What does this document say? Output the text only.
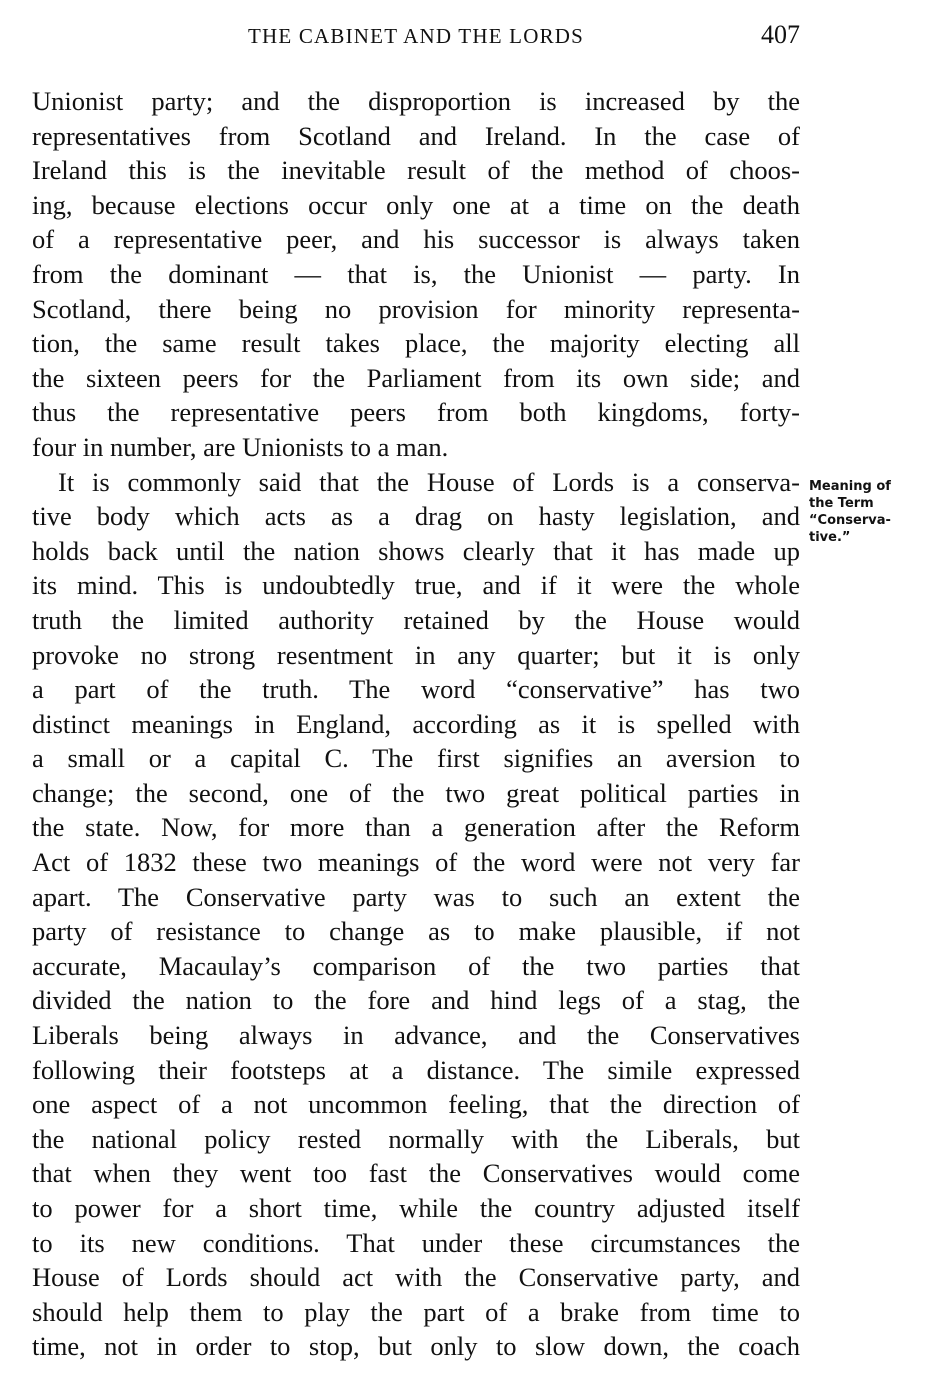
THE CABINET AND THE LORDS	407
Unionist party; and the disproportion is increased by the
representatives from Scotland and Ireland. In the case of
Ireland this is the inevitable result of the method of choos-
ing, because elections occur only one at a time on the death
of a representative peer, and his successor is always taken
from the dominant — that is, the Unionist — party. In
Scotland, there being no provision for minority representa-
tion, the same result takes place, the majority electing all
the sixteen peers for the Parliament from its own side; and
thus the representative peers from both kingdoms, forty-
four in number, are Unionists to a man.
It is commonly said that the House of Lords is a conserva-
tive body which acts as a drag on hasty legislation, and
holds back until the nation shows clearly that it has made up
its mind. This is undoubtedly true, and if it were the whole
truth the limited authority retained by the House would
provoke no strong resentment in any quarter; but it is only
a part of the truth. The word “conservative” has two
distinct meanings in England, according as it is spelled with
a small or a capital C. The first signifies an aversion to
change; the second, one of the two great political parties in
the state. Now, for more than a generation after the Reform
Act of 1832 these two meanings of the word were not very far
apart. The Conservative party was to such an extent the
party of resistance to change as to make plausible, if not
accurate, Macaulay’s comparison of the two parties that
divided the nation to the fore and hind legs of a stag, the
Liberals being always in advance, and the Conservatives
following their footsteps at a distance. The simile expressed
one aspect of a not uncommon feeling, that the direction of
the national policy rested normally with the Liberals, but
that when they went too fast the Conservatives would come
to power for a short time, while the country adjusted itself
to its new conditions. That under these circumstances the
House of Lords should act with the Conservative party, and
should help them to play the part of a brake from time to
time, not in order to stop, but only to slow down, the coach
Meaning of
the Term
“Conserva-
tive.”
